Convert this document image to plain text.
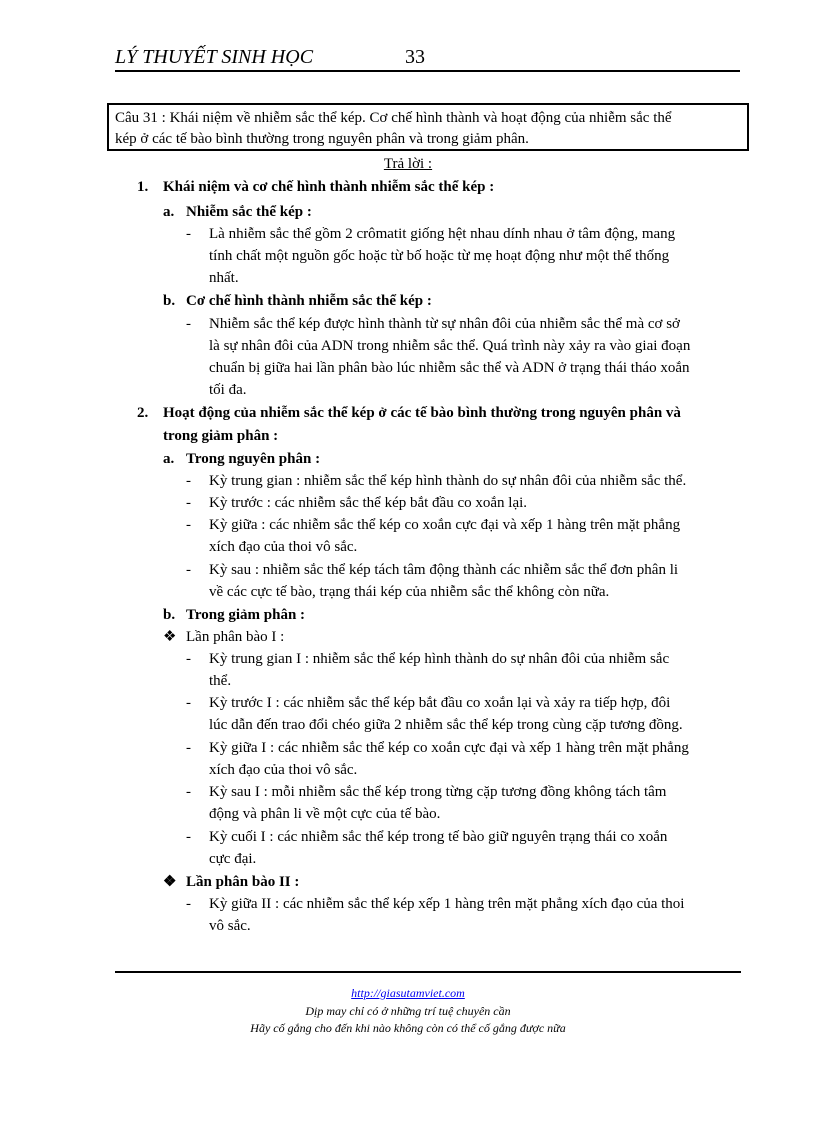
LÝ THUYẾT SINH HỌC	33
Câu 31 : Khái niệm về nhiễm sắc thể kép. Cơ chế hình thành và hoạt động của nhiễm sắc thể
kép ở các tế bào bình thường trong nguyên phân và trong giảm phân.
Trả lời :
1. Khái niệm và cơ chế hình thành nhiễm sắc thể kép :
a. Nhiễm sắc thể kép :
- Là nhiễm sắc thể gồm 2 crômatit giống hệt nhau dính nhau ở tâm động, mang
tính chất một nguồn gốc hoặc từ bố hoặc từ mẹ hoạt động như một thể thống
nhất.
b. Cơ chế hình thành nhiễm sắc thể kép :
- Nhiễm sắc thể kép được hình thành từ sự nhân đôi của nhiễm sắc thể mà cơ sở
là sự nhân đôi của ADN trong nhiễm sắc thể. Quá trình này xảy ra vào giai đoạn
chuẩn bị giữa hai lần phân bào lúc nhiễm sắc thể và ADN ở trạng thái tháo xoắn
tối đa.
2. Hoạt động của nhiễm sắc thể kép ở các tế bào bình thường trong nguyên phân và
trong giảm phân :
a. Trong nguyên phân :
- Kỳ trung gian : nhiễm sắc thể kép hình thành do sự nhân đôi của nhiễm sắc thể.
- Kỳ trước : các nhiễm sắc thể kép bắt đầu co xoắn lại.
- Kỳ giữa : các nhiễm sắc thể kép co xoắn cực đại và xếp 1 hàng trên mặt phẳng
xích đạo của thoi vô sắc.
- Kỳ sau : nhiễm sắc thể kép tách tâm động thành các nhiễm sắc thể đơn phân li
về các cực tế bào, trạng thái kép của nhiễm sắc thể không còn nữa.
b. Trong giảm phân :
❖ Lần phân bào I :
- Kỳ trung gian I : nhiễm sắc thể kép hình thành do sự nhân đôi của nhiễm sắc
thể.
- Kỳ trước I : các nhiễm sắc thể kép bắt đầu co xoắn lại và xảy ra tiếp hợp, đôi
lúc dẫn đến trao đổi chéo giữa 2 nhiễm sắc thể kép trong cùng cặp tương đồng.
- Kỳ giữa I : các nhiễm sắc thể kép co xoắn cực đại và xếp 1 hàng trên mặt phẳng
xích đạo của thoi vô sắc.
- Kỳ sau I : mỗi nhiễm sắc thể kép trong từng cặp tương đồng không tách tâm
động và phân li về một cực của tế bào.
- Kỳ cuối I : các nhiễm sắc thể kép trong tế bào giữ nguyên trạng thái co xoắn
cực đại.
❖ Lần phân bào II :
- Kỳ giữa II : các nhiễm sắc thể kép xếp 1 hàng trên mặt phẳng xích đạo của thoi
vô sắc.
http://giasutamviet.com
Dịp may chỉ có ở những trí tuệ chuyên cần
Hãy cố gắng cho đến khi nào không còn có thể cố gắng được nữa
